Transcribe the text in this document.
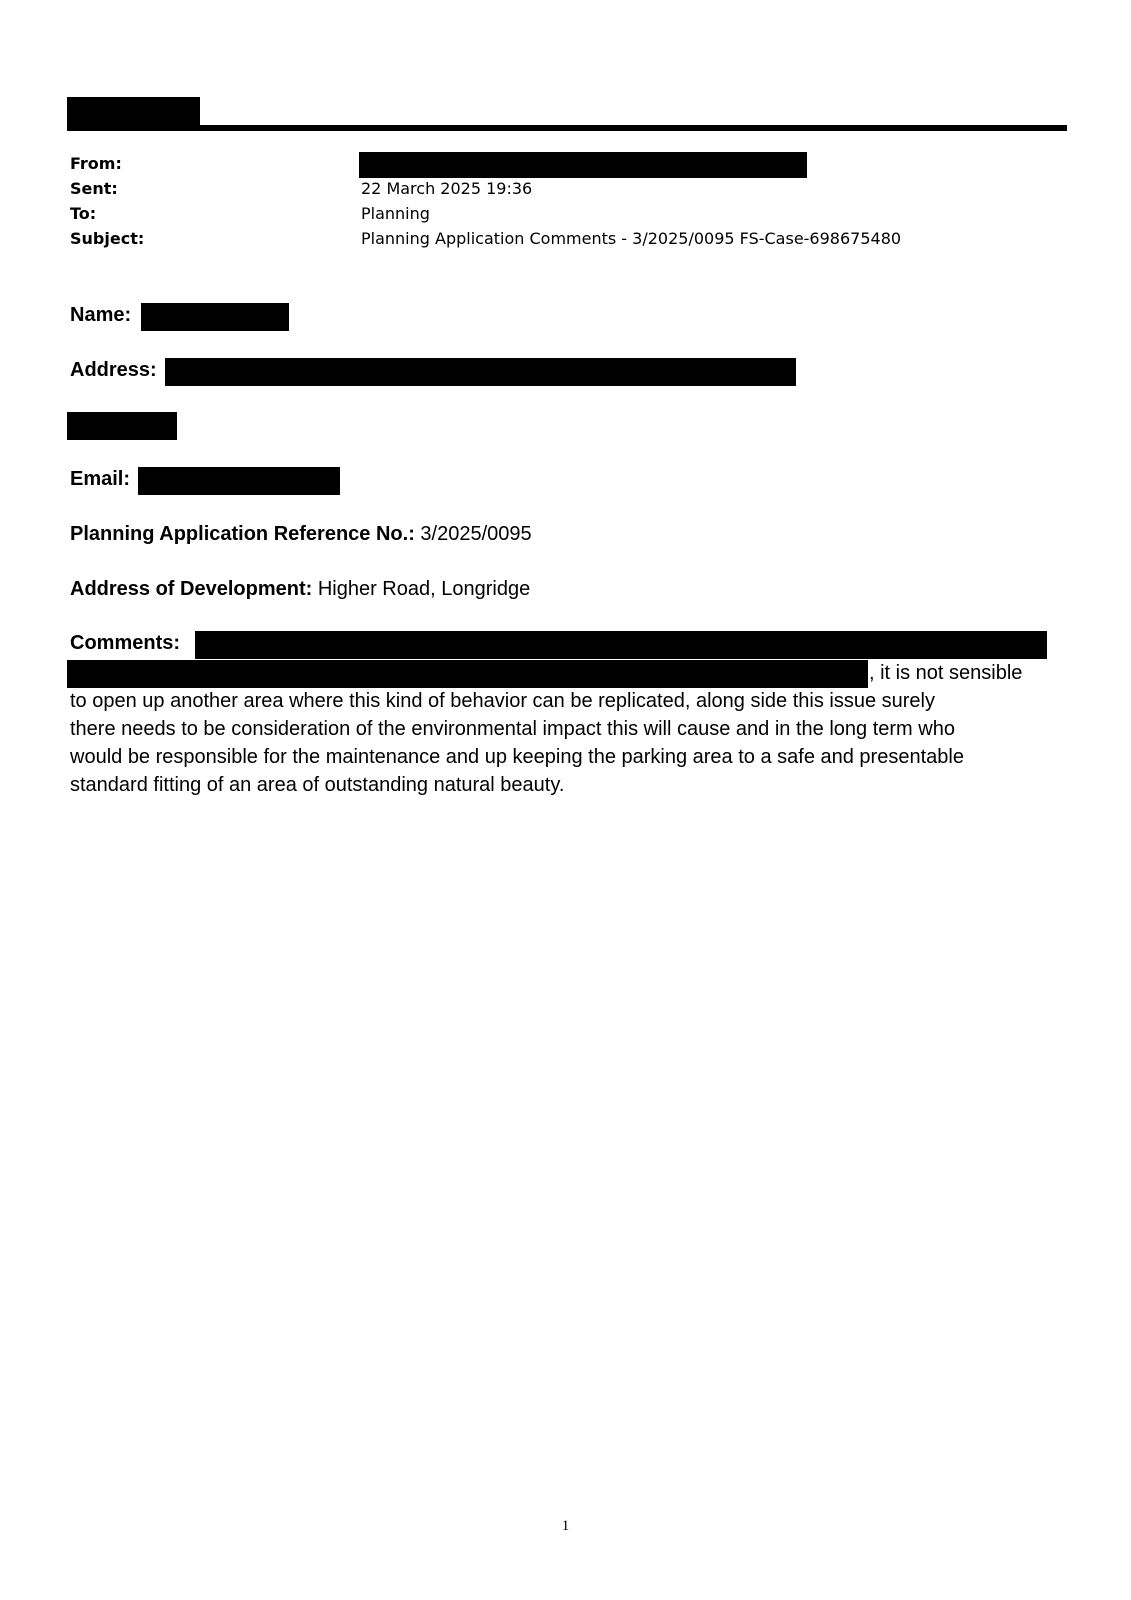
From:
Sent:	22 March 2025 19:36
To:	Planning
Subject:	Planning Application Comments - 3/2025/0095 FS-Case-698675480
Name:
Address:
Email:
Planning Application Reference No.: 3/2025/0095
Address of Development: Higher Road, Longridge
Comments:
, it is not sensible
to open up another area where this kind of behavior can be replicated, along side this issue surely
there needs to be consideration of the environmental impact this will cause and in the long term who
would be responsible for the maintenance and up keeping the parking area to a safe and presentable
standard fitting of an area of outstanding natural beauty.
1
